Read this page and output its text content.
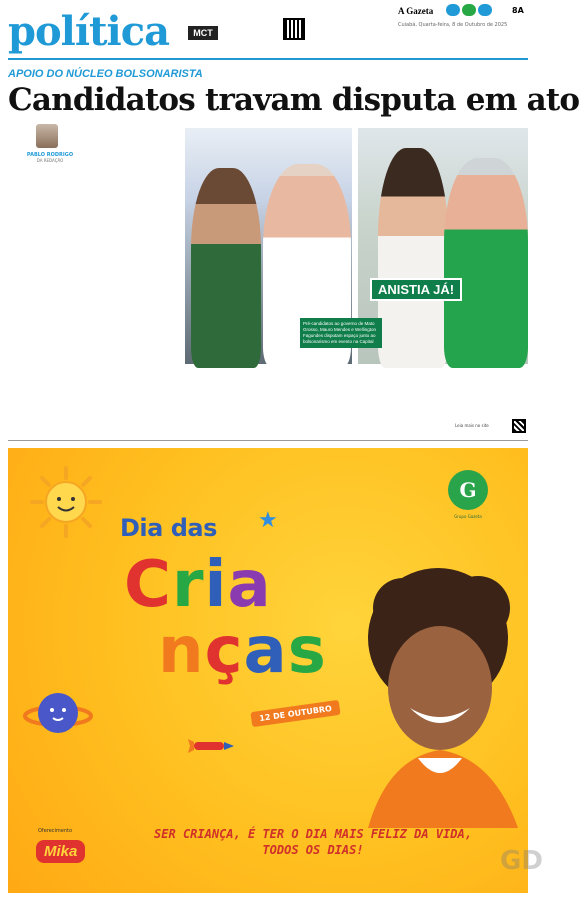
política	MCT
A Gazeta	8A
Cuiabá, Quarta-feira, 8 de Outubro de 2025
APOIO DO NÚCLEO BOLSONARISTA
Candidatos travam disputa em ato
PABLO RODRIGO
DA REDAÇÃO
ANISTIA JÁ!
Pré-candidatos ao governo de Mato Grosso, Mauro Mendes e Wellington Fagundes disputam espaço junto ao bolsonarismo em evento na Capital
Leia mais no site
G
Grupo Gazeta
Dia das ★
Cria
nças
12 DE OUTUBRO
SER CRIANÇA, É TER O DIA MAIS FELIZ DA VIDA, TODOS OS DIAS!
Oferecimento
Mika	GD
